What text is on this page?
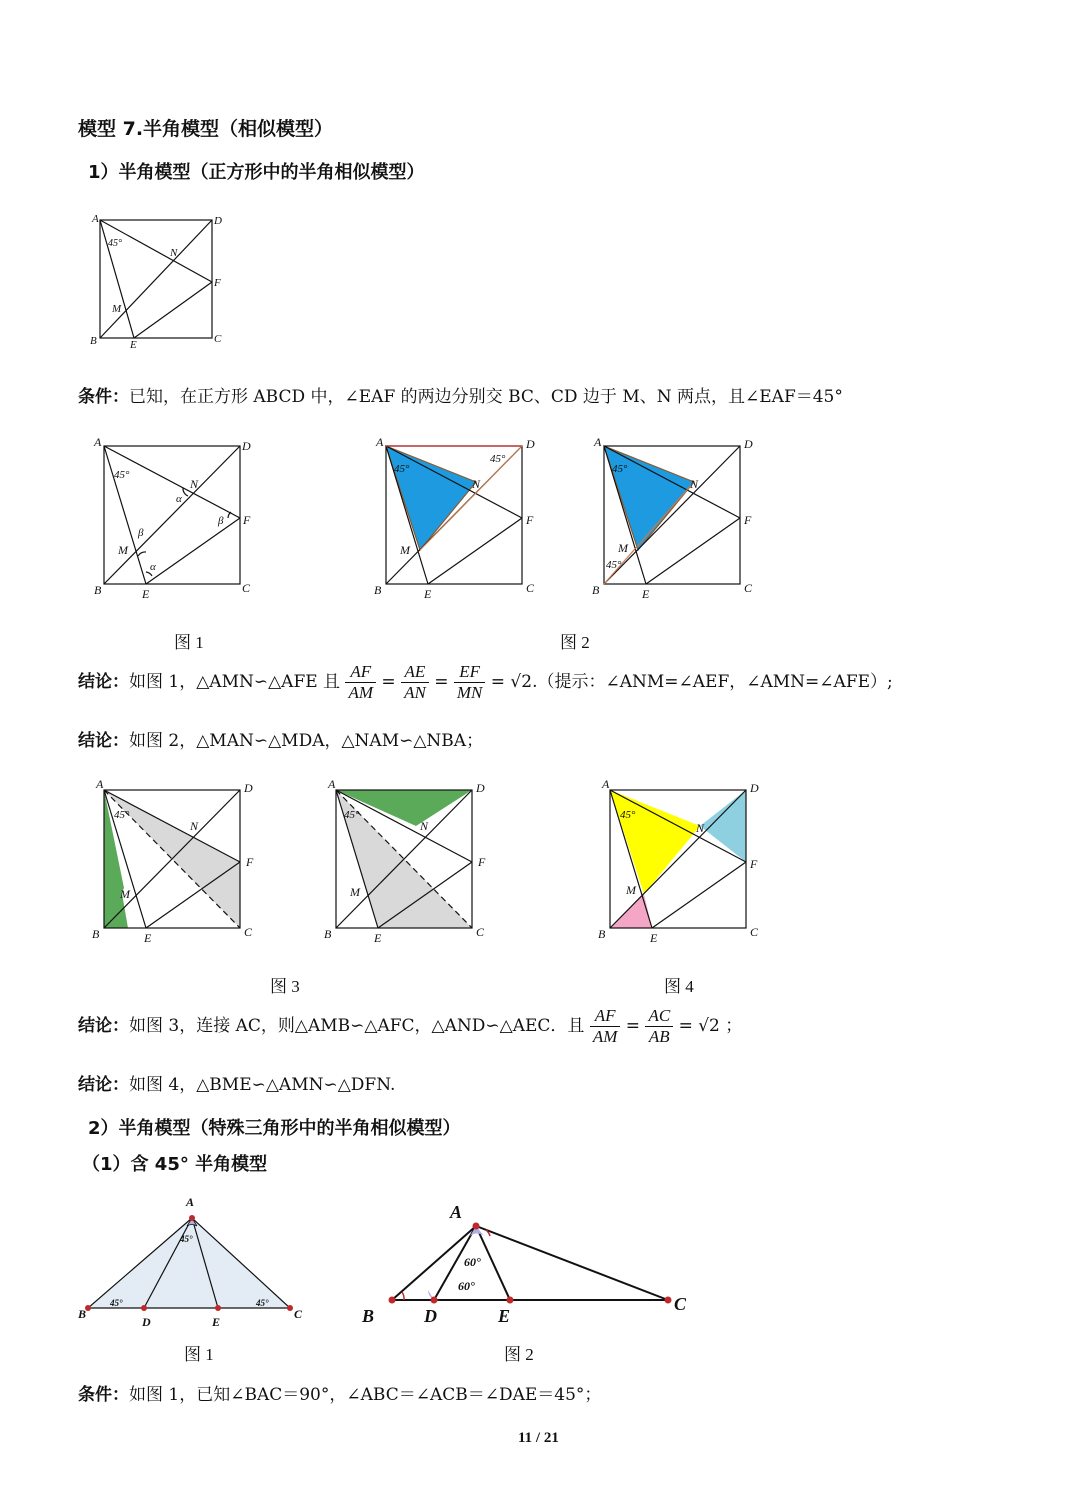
模型 7.半角模型（相似模型）
1）半角模型（正方形中的半角相似模型）
A	D
B	C
E
F
M
N
45°
条件：已知，在正方形 ABCD 中，∠EAF 的两边分别交 BC、CD 边于 M、N 两点，且∠EAF＝45°
A	D
B	C
E
F
M
N
45°
α
β
β
α
A	D
B	C
E
F
M
N
45°
45°
A	D
B	C
E
F
M
N
45°
45°
图 1	图 2
结论：如图 1，△AMN∽△AFE 且 $\frac{AF}{AM} = \frac{AE}{AN} = \frac{EF}{MN} = √2$.（提示：∠ANM=∠AEF，∠AMN=∠AFE）;
结论：如图 2，△MAN∽△MDA，△NAM∽△NBA；
A	D
B	C
E
F
M
N
45°
A	D
B	C
E
F
M
N
45°
A	D
B	C
E
F
M
N
45°
图 3	图 4
结论：如图 3，连接 AC，则△AMB∽△AFC，△AND∽△AEC．且 $\frac{AF}{AM} = \frac{AC}{AB} = √2$ ；
结论：如图 4，△BME∽△AMN∽△DFN.
2）半角模型（特殊三角形中的半角相似模型）
（1）含 45° 半角模型
A
B	C
D	E
45°
45°	45°
A
B
C
D	E
60°
60°
图 1	图 2
条件：如图 1，已知∠BAC＝90°，∠ABC＝∠ACB＝∠DAE＝45°；
11 / 21
